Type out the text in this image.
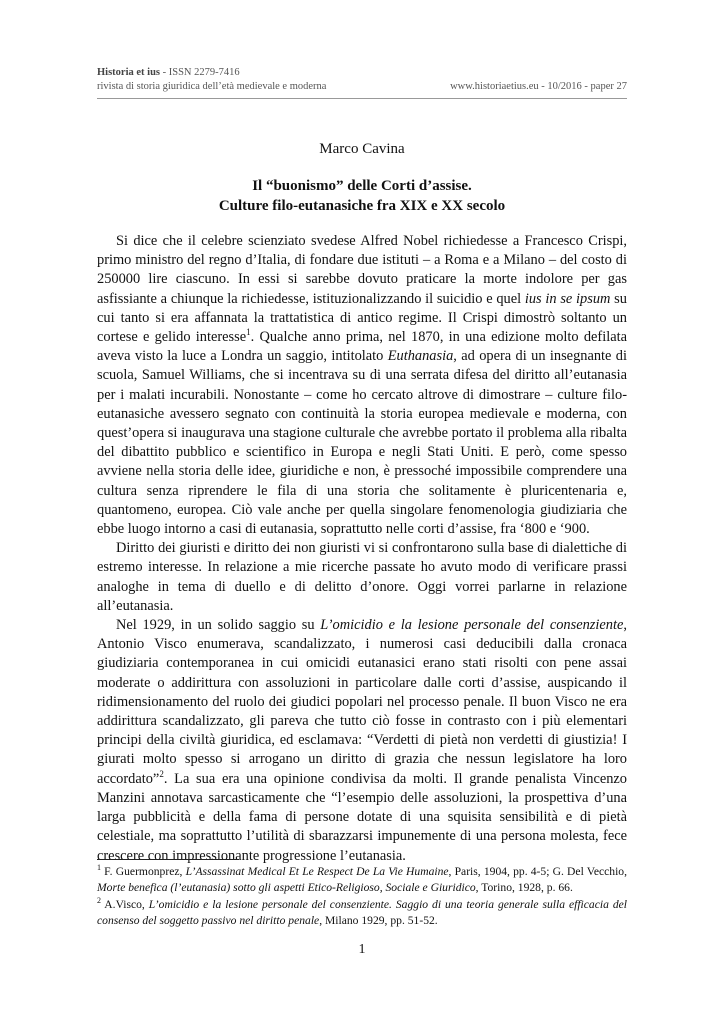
Historia et ius - ISSN 2279-7416
rivista di storia giuridica dell’età medievale e moderna	www.historiaetius.eu - 10/2016 - paper 27
Marco Cavina
Il “buonismo” delle Corti d’assise.
Culture filo-eutanasiche fra XIX e XX secolo

Si dice che il celebre scienziato svedese Alfred Nobel richiedesse a Francesco Crispi, primo ministro del regno d’Italia, di fondare due istituti – a Roma e a Milano – del costo di 250000 lire ciascuno. In essi si sarebbe dovuto praticare la morte indolore per gas asfissiante a chiunque la richiedesse, istituzionalizzando il suicidio e quel ius in se ipsum su cui tanto si era affannata la trattatistica di antico regime. Il Crispi dimostrò soltanto un cortese e gelido interesse$^1$. Qualche anno prima, nel 1870, in una edizione molto defilata aveva visto la luce a Londra un saggio, intitolato Euthanasia, ad opera di un insegnante di scuola, Samuel Williams, che si incentrava su di una serrata difesa del diritto all’eutanasia per i malati incurabili. Nonostante – come ho cercato altrove di dimostrare – culture filo-eutanasiche avessero segnato con continuità la storia europea medievale e moderna, con quest’opera si inaugurava una stagione culturale che avrebbe portato il problema alla ribalta del dibattito pubblico e scientifico in Europa e negli Stati Uniti. E però, come spesso avviene nella storia delle idee, giuridiche e non, è pressoché impossibile comprendere una cultura senza riprendere le fila di una storia che solitamente è pluricentenaria e, quantomeno, europea. Ciò vale anche per quella singolare fenomenologia giudiziaria che ebbe luogo intorno a casi di eutanasia, soprattutto nelle corti d’assise, fra ‘800 e ‘900.

Diritto dei giuristi e diritto dei non giuristi vi si confrontarono sulla base di dialettiche di estremo interesse. In relazione a mie ricerche passate ho avuto modo di verificare prassi analoghe in tema di duello e di delitto d’onore. Oggi vorrei parlarne in relazione all’eutanasia.

Nel 1929, in un solido saggio su L’omicidio e la lesione personale del consenziente, Antonio Visco enumerava, scandalizzato, i numerosi casi deducibili dalla cronaca giudiziaria contemporanea in cui omicidi eutanasici erano stati risolti con pene assai moderate o addirittura con assoluzioni in particolare dalle corti d’assise, auspicando il ridimensionamento del ruolo dei giudici popolari nel processo penale. Il buon Visco ne era addirittura scandalizzato, gli pareva che tutto ciò fosse in contrasto con i più elementari principi della civiltà giuridica, ed esclamava: “Verdetti di pietà non verdetti di giustizia! I giurati molto spesso si arrogano un diritto di grazia che nessun legislatore ha loro accordato”$^2$. La sua era una opinione condivisa da molti. Il grande penalista Vincenzo Manzini annotava sarcasticamente che “l’esempio delle assoluzioni, la prospettiva d’una larga pubblicità e della fama di persone dotate di una squisita sensibilità e di pietà celestiale, ma soprattutto l’utilità di sbarazzarsi impunemente di una persona molesta, fece crescere con impressionante progressione l’eutanasia.

$^1$ F. Guermonprez, L’Assassinat Medical Et Le Respect De La Vie Humaine, Paris, 1904, pp. 4-5; G. Del Vecchio, Morte benefica (l’eutanasia) sotto gli aspetti Etico-Religioso, Sociale e Giuridico, Torino, 1928, p. 66.

$^2$ A.Visco, L’omicidio e la lesione personale del consenziente. Saggio di una teoria generale sulla efficacia del consenso del soggetto passivo nel diritto penale, Milano 1929, pp. 51-52.

1
